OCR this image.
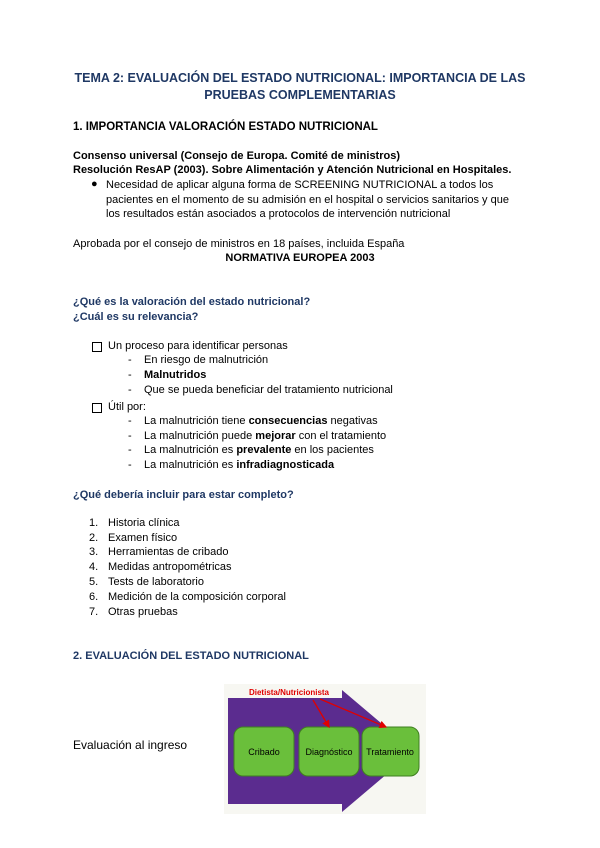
TEMA 2: EVALUACIÓN DEL ESTADO NUTRICIONAL: IMPORTANCIA DE LAS
PRUEBAS COMPLEMENTARIAS
1. IMPORTANCIA VALORACIÓN ESTADO NUTRICIONAL
Consenso universal (Consejo de Europa. Comité de ministros)
Resolución ResAP (2003). Sobre Alimentación y Atención Nutricional en Hospitales.
● Necesidad de aplicar alguna forma de SCREENING NUTRICIONAL a todos los
pacientes en el momento de su admisión en el hospital o servicios sanitarios y que
los resultados están asociados a protocolos de intervención nutricional
Aprobada por el consejo de ministros en 18 países, incluida España
NORMATIVA EUROPEA 2003
¿Qué es la valoración del estado nutricional?
¿Cuál es su relevancia?
Un proceso para identificar personas
- En riesgo de malnutrición
- Malnutridos
- Que se pueda beneficiar del tratamiento nutricional
Útil por:
- La malnutrición tiene consecuencias negativas
- La malnutrición puede mejorar con el tratamiento
- La malnutrición es prevalente en los pacientes
- La malnutrición es infradiagnosticada
¿Qué debería incluir para estar completo?
1. Historia clínica
2. Examen físico
3. Herramientas de cribado
4. Medidas antropométricas
5. Tests de laboratorio
6. Medición de la composición corporal
7. Otras pruebas
2. EVALUACIÓN DEL ESTADO NUTRICIONAL
Evaluación al ingreso	Cribado	Diagnóstico Tratamiento
Dietista/Nutricionista
